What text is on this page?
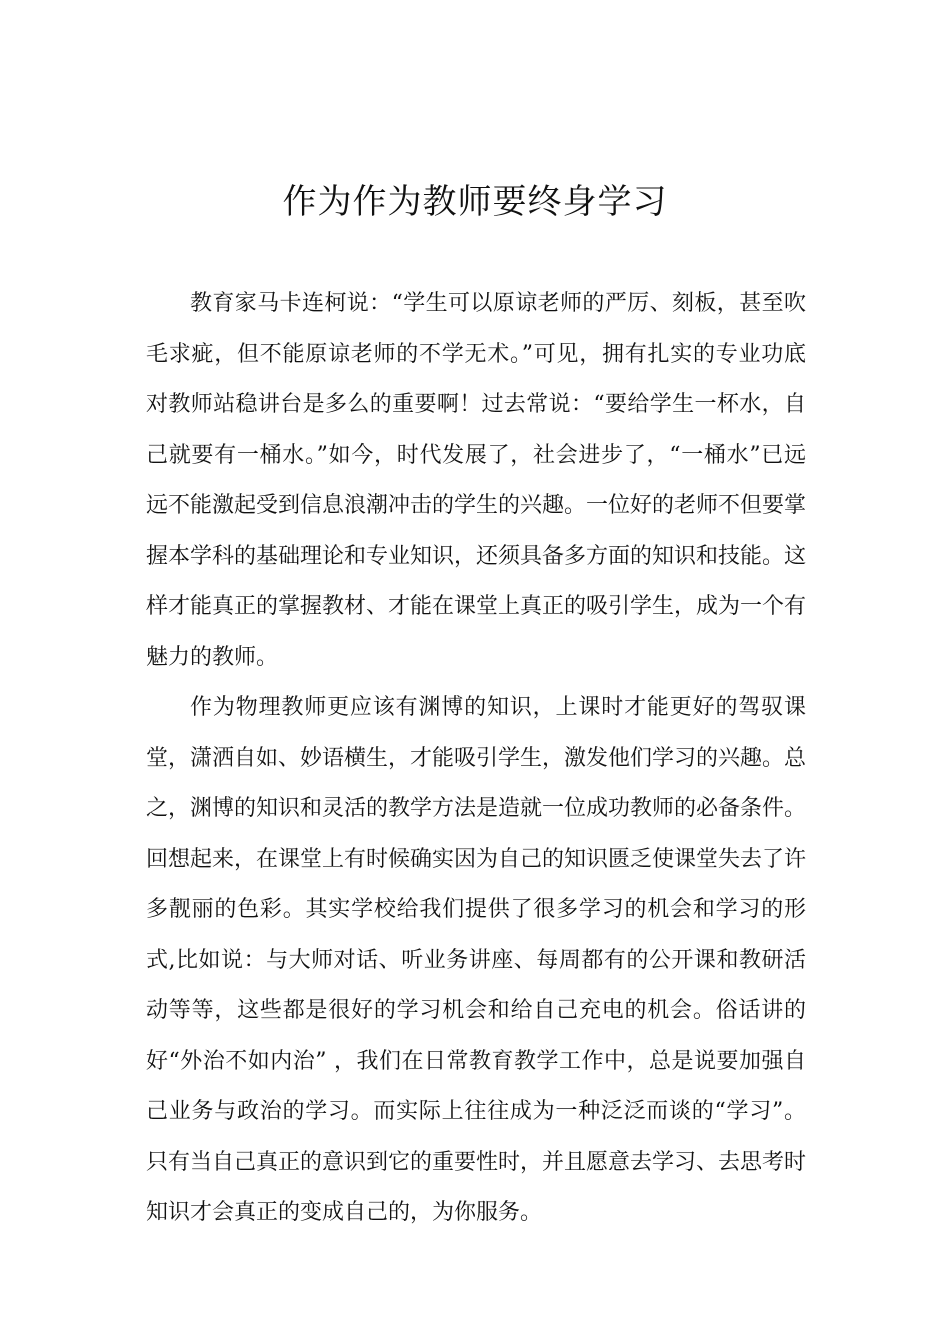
作为作为教师要终身学习

教育家马卡连柯说：“学生可以原谅老师的严厉、刻板，甚至吹毛求疵，但不能原谅老师的不学无术。”可见，拥有扎实的专业功底对教师站稳讲台是多么的重要啊！过去常说：“要给学生一杯水，自己就要有一桶水。”如今，时代发展了，社会进步了，“一桶水”已远远不能激起受到信息浪潮冲击的学生的兴趣。一位好的老师不但要掌握本学科的基础理论和专业知识，还须具备多方面的知识和技能。这样才能真正的掌握教材、才能在课堂上真正的吸引学生，成为一个有魅力的教师。

作为物理教师更应该有渊博的知识，上课时才能更好的驾驭课堂，潇洒自如、妙语横生，才能吸引学生，激发他们学习的兴趣。总之，渊博的知识和灵活的教学方法是造就一位成功教师的必备条件。回想起来，在课堂上有时候确实因为自己的知识匮乏使课堂失去了许多靓丽的色彩。其实学校给我们提供了很多学习的机会和学习的形式,比如说：与大师对话、听业务讲座、每周都有的公开课和教研活动等等，这些都是很好的学习机会和给自己充电的机会。俗话讲的好“外治不如内治” ，我们在日常教育教学工作中，总是说要加强自己业务与政治的学习。而实际上往往成为一种泛泛而谈的“学习”。只有当自己真正的意识到它的重要性时，并且愿意去学习、去思考时知识才会真正的变成自己的，为你服务。
